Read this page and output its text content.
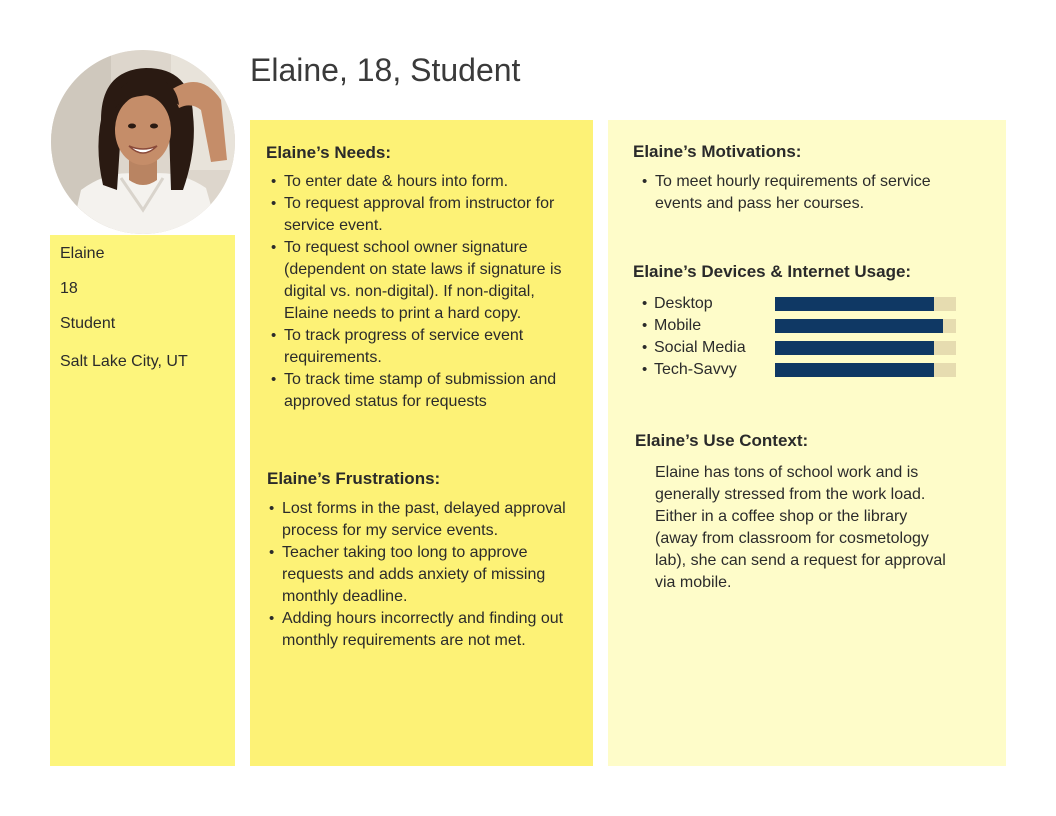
Elaine, 18, Student
Elaine
18
Student
Salt Lake City, UT
Elaine’s Needs:
• To enter date & hours into form.
• To request approval from instructor for service event.
• To request school owner signature (dependent on state laws if signature is digital vs. non-digital). If non-digital, Elaine needs to print a hard copy.
• To track progress of service event requirements.
• To track time stamp of submission and approved status for requests
Elaine’s Frustrations:
• Lost forms in the past, delayed approval process for my service events.
• Teacher taking too long to approve requests and adds anxiety of missing monthly deadline.
• Adding hours incorrectly and finding out monthly requirements are not met.
Elaine’s Motivations:
• To meet hourly requirements of service events and pass her courses.
Elaine’s Devices & Internet Usage:
• Desktop
• Mobile
• Social Media
• Tech-Savvy
Elaine’s Use Context:

Elaine has tons of school work and is generally stressed from the work load. Either in a coffee shop or the library (away from classroom for cosmetology lab), she can send a request for approval via mobile.
